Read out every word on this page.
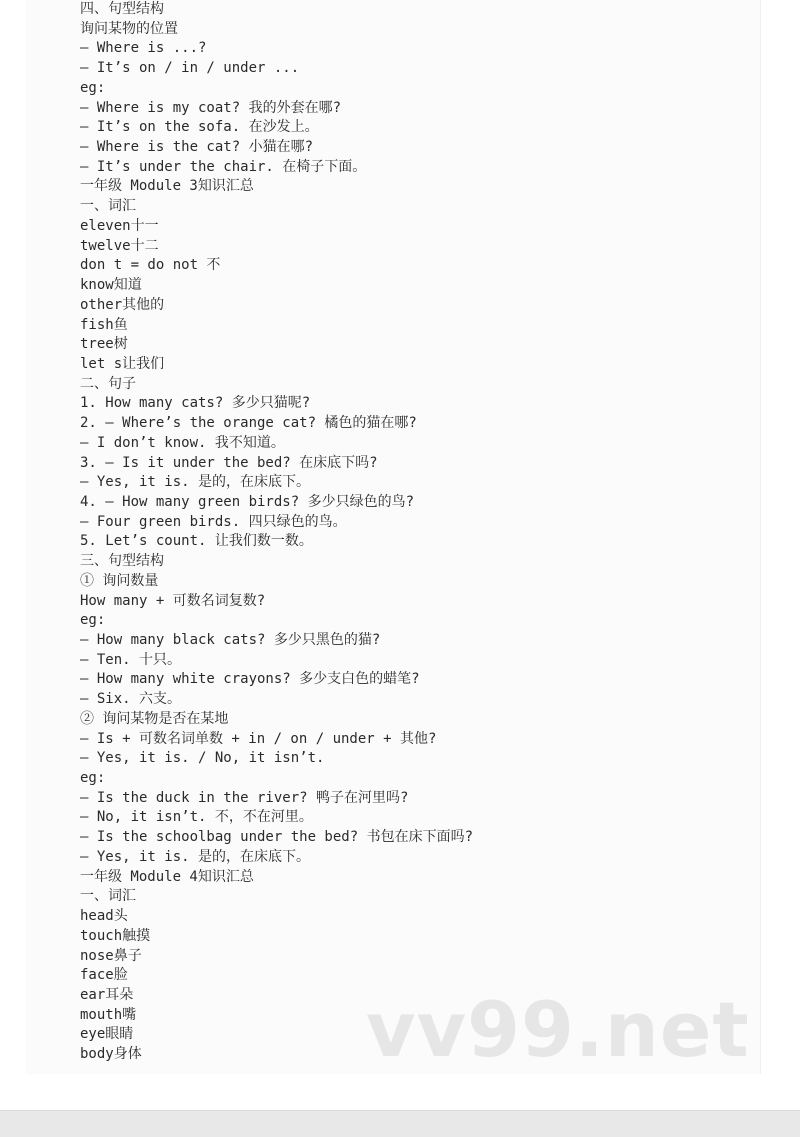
四、句型结构
询问某物的位置
— Where is ...?
— It’s on / in / under ...
eg:
— Where is my coat? 我的外套在哪?
— It’s on the sofa. 在沙发上。
— Where is the cat? 小猫在哪?
— It’s under the chair. 在椅子下面。
一年级 Module 3知识汇总
一、词汇
eleven十一
twelve十二
don t = do not 不
know知道
other其他的
fish鱼
tree树
let s让我们
二、句子
1. How many cats? 多少只猫呢?
2. — Where’s the orange cat? 橘色的猫在哪?
— I don’t know. 我不知道。
3. — Is it under the bed? 在床底下吗?
— Yes, it is. 是的，在床底下。
4. — How many green birds? 多少只绿色的鸟?
— Four green birds. 四只绿色的鸟。
5. Let’s count. 让我们数一数。
三、句型结构
① 询问数量
How many + 可数名词复数?
eg:
— How many black cats? 多少只黑色的猫?
— Ten. 十只。
— How many white crayons? 多少支白色的蜡笔?
— Six. 六支。
② 询问某物是否在某地
— Is + 可数名词单数 + in / on / under + 其他?
— Yes, it is. / No, it isn’t.
eg:
— Is the duck in the river? 鸭子在河里吗?
— No, it isn’t. 不，不在河里。
— Is the schoolbag under the bed? 书包在床下面吗?
— Yes, it is. 是的，在床底下。
一年级 Module 4知识汇总
一、词汇
head头
touch触摸
nose鼻子
face脸
ear耳朵
mouth嘴
eye眼睛
body身体	vv99.net
